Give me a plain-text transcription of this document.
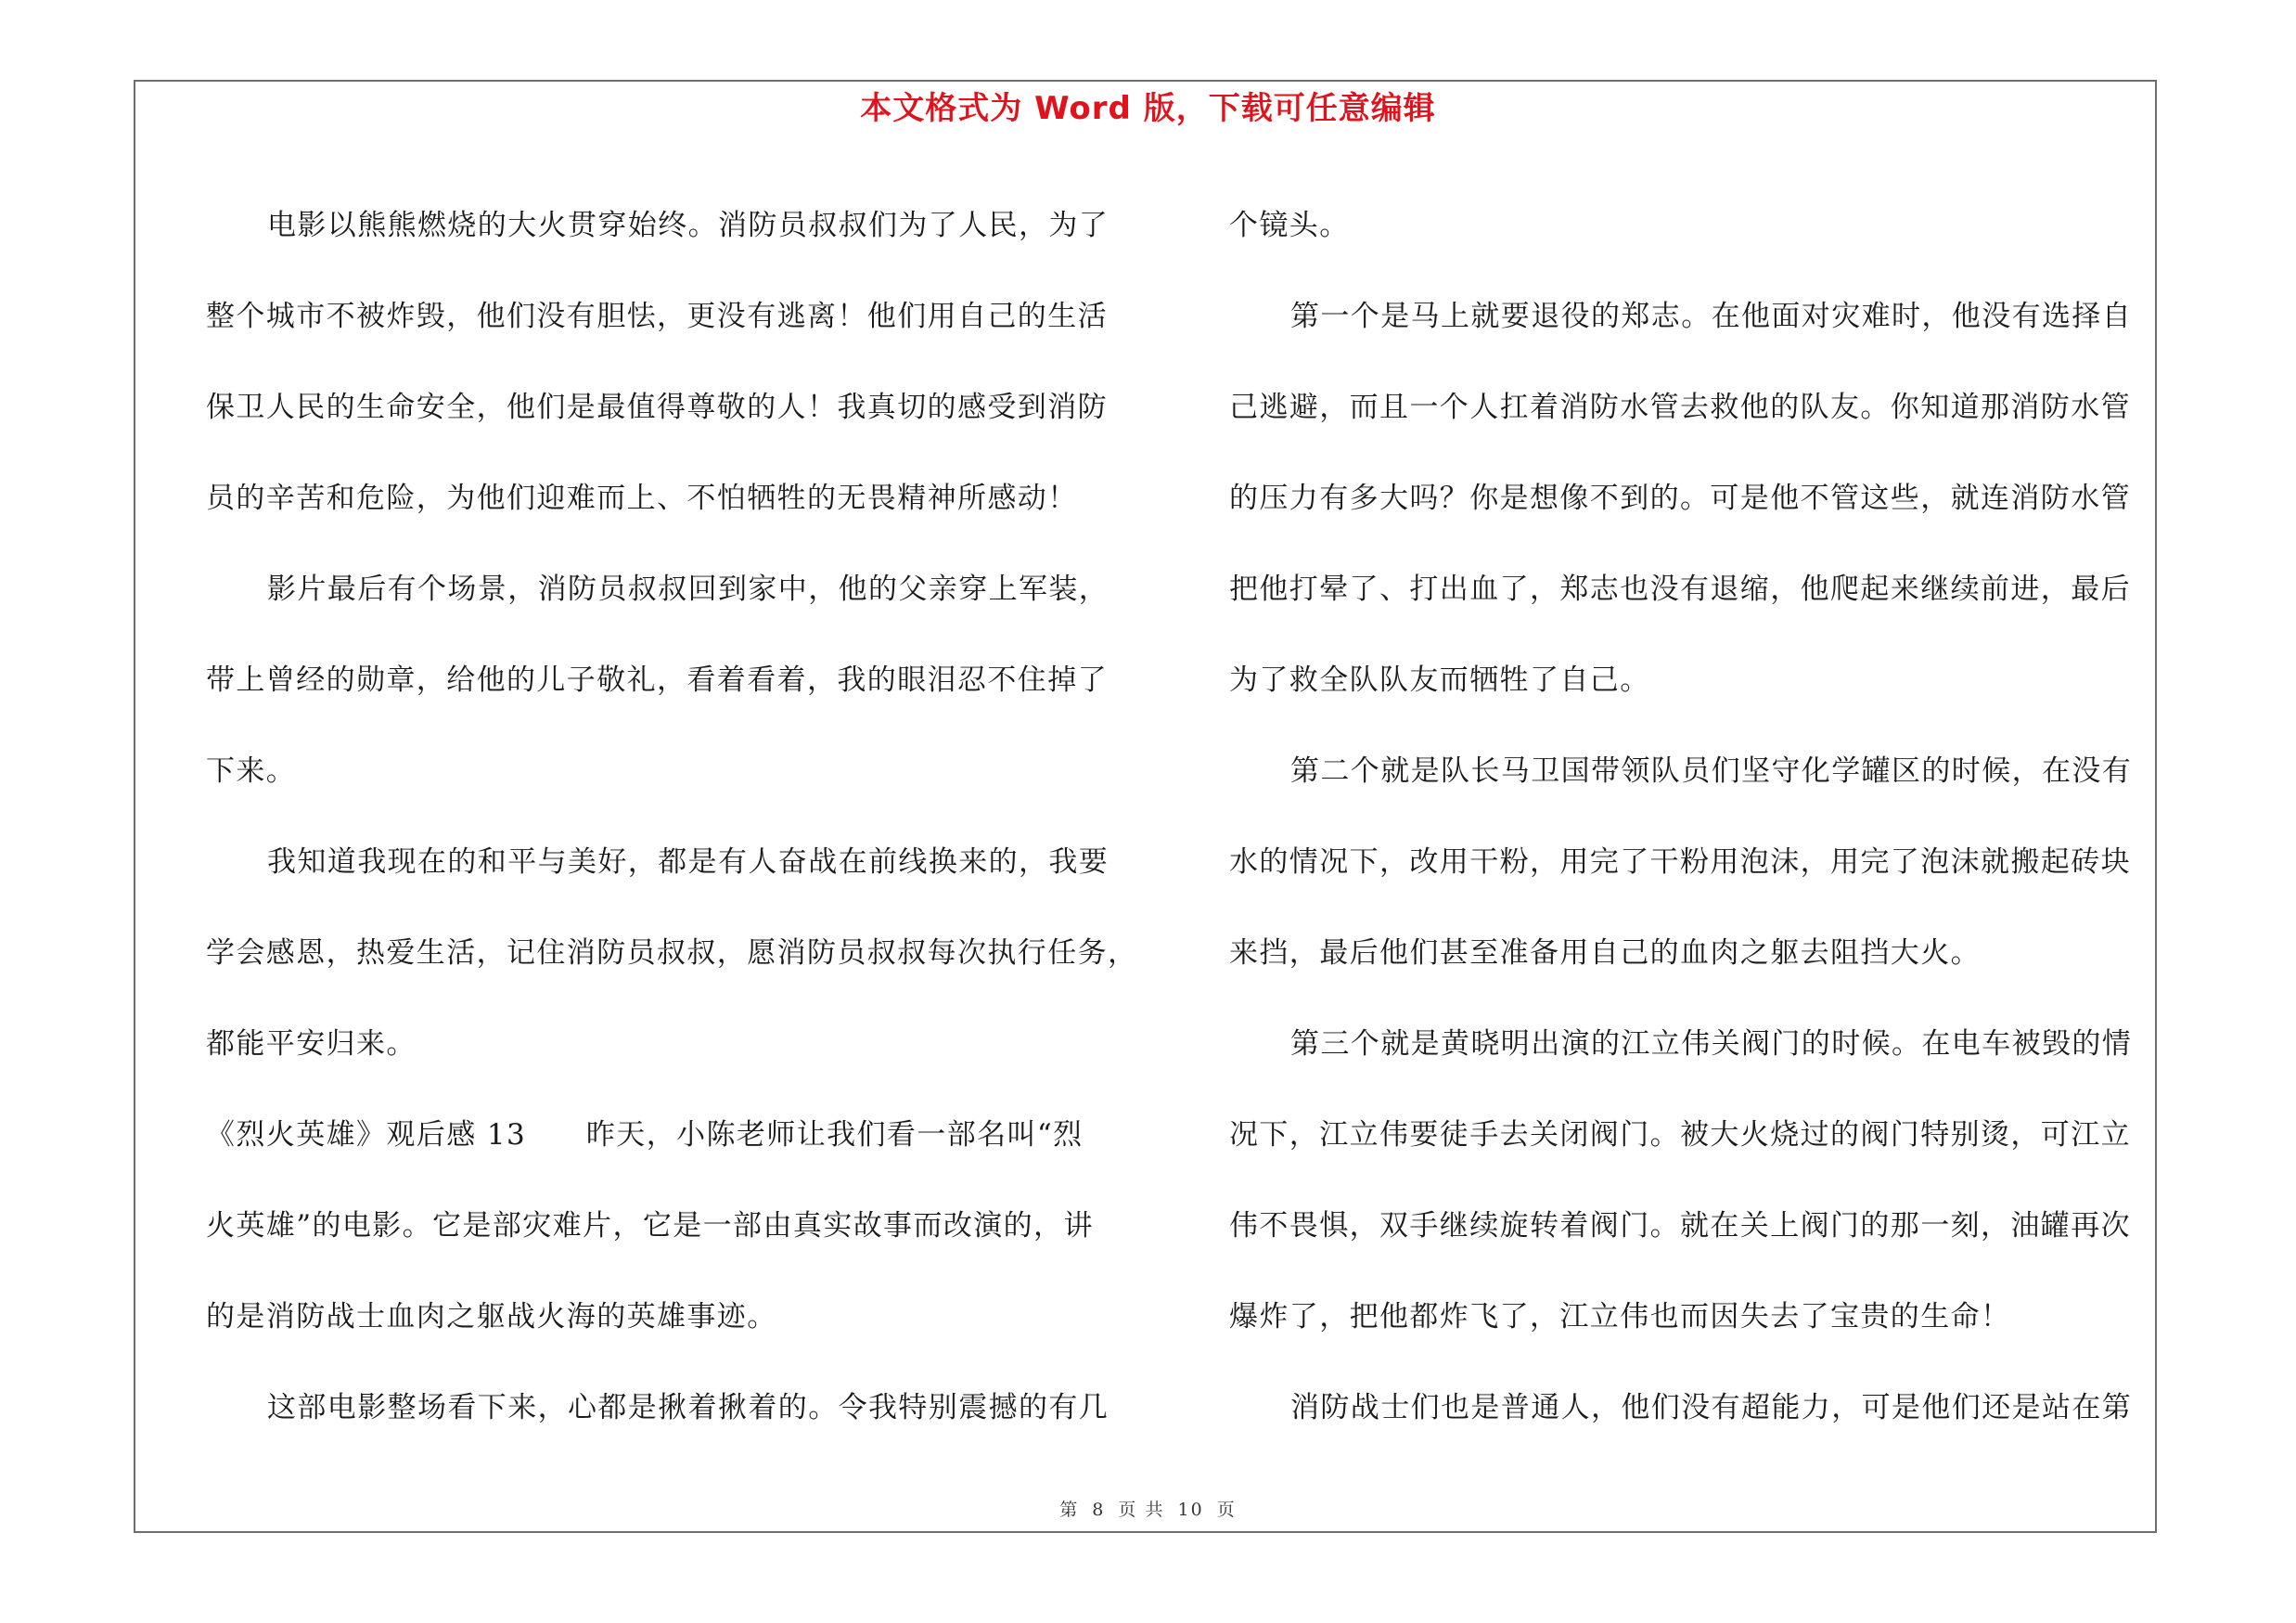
本文格式为 Word 版，下载可任意编辑
电影以熊熊燃烧的大火贯穿始终。消防员叔叔们为了人民，为了
整个城市不被炸毁，他们没有胆怯，更没有逃离！他们用自己的生活
保卫人民的生命安全，他们是最值得尊敬的人！我真切的感受到消防
员的辛苦和危险，为他们迎难而上、不怕牺牲的无畏精神所感动！
影片最后有个场景，消防员叔叔回到家中，他的父亲穿上军装，
带上曾经的勋章，给他的儿子敬礼，看着看着，我的眼泪忍不住掉了
下来。
我知道我现在的和平与美好，都是有人奋战在前线换来的，我要
学会感恩，热爱生活，记住消防员叔叔，愿消防员叔叔每次执行任务，
都能平安归来。
《烈火英雄》观后感 13　　昨天，小陈老师让我们看一部名叫“烈
火英雄”的电影。它是部灾难片，它是一部由真实故事而改演的，讲
的是消防战士血肉之躯战火海的英雄事迹。
这部电影整场看下来，心都是揪着揪着的。令我特别震撼的有几
个镜头。
第一个是马上就要退役的郑志。在他面对灾难时，他没有选择自
己逃避，而且一个人扛着消防水管去救他的队友。你知道那消防水管
的压力有多大吗？你是想像不到的。可是他不管这些，就连消防水管
把他打晕了、打出血了，郑志也没有退缩，他爬起来继续前进，最后
为了救全队队友而牺牲了自己。
第二个就是队长马卫国带领队员们坚守化学罐区的时候，在没有
水的情况下，改用干粉，用完了干粉用泡沫，用完了泡沫就搬起砖块
来挡，最后他们甚至准备用自己的血肉之躯去阻挡大火。
第三个就是黄晓明出演的江立伟关阀门的时候。在电车被毁的情
况下，江立伟要徒手去关闭阀门。被大火烧过的阀门特别烫，可江立
伟不畏惧，双手继续旋转着阀门。就在关上阀门的那一刻，油罐再次
爆炸了，把他都炸飞了，江立伟也而因失去了宝贵的生命！
消防战士们也是普通人，他们没有超能力，可是他们还是站在第
第 8 页 共 10 页
